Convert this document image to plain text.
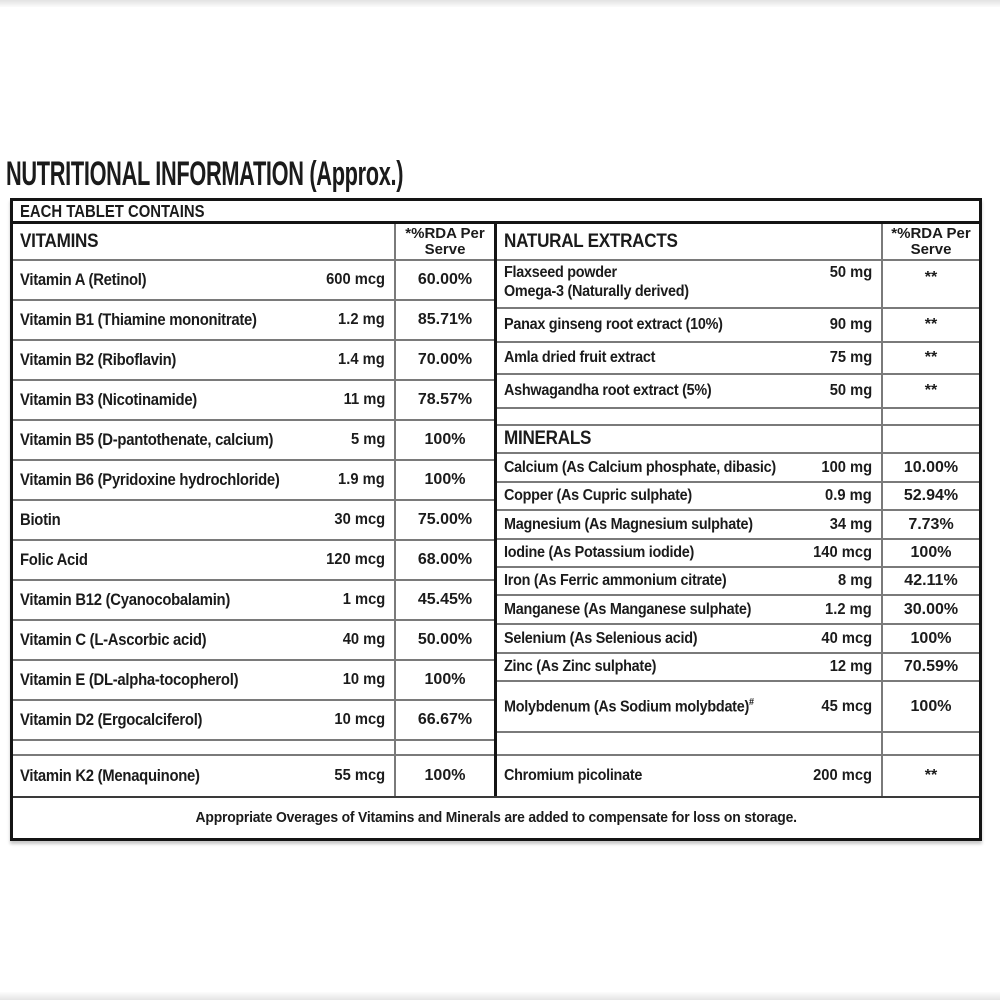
NUTRITIONAL INFORMATION (Approx.)
EACH TABLET CONTAINS
VITAMINS	*%RDA Per
Serve
Vitamin A (Retinol)	600 mcg	60.00%
Vitamin B1 (Thiamine mononitrate)	1.2 mg	85.71%
Vitamin B2 (Riboflavin)	1.4 mg	70.00%
Vitamin B3 (Nicotinamide)	11 mg	78.57%
Vitamin B5 (D-pantothenate, calcium)	5 mg	100%
Vitamin B6 (Pyridoxine hydrochloride)	1.9 mg	100%
Biotin	30 mcg	75.00%
Folic Acid	120 mcg	68.00%
Vitamin B12 (Cyanocobalamin)	1 mcg	45.45%
Vitamin C (L-Ascorbic acid)	40 mg	50.00%
Vitamin E (DL-alpha-tocopherol)	10 mg	100%
Vitamin D2 (Ergocalciferol)	10 mcg	66.67%
Vitamin K2 (Menaquinone)	55 mcg	100%
NATURAL EXTRACTS	*%RDA Per
Serve
Flaxseed powder
Omega-3 (Naturally derived)
50 mg	**
Panax ginseng root extract (10%)	90 mg	**
Amla dried fruit extract	75 mg	**
Ashwagandha root extract (5%)	50 mg	**
MINERALS
Calcium (As Calcium phosphate, dibasic)	100 mg	10.00%
Copper (As Cupric sulphate)	0.9 mg	52.94%
Magnesium (As Magnesium sulphate)	34 mg	7.73%
Iodine (As Potassium iodide)	140 mcg	100%
Iron (As Ferric ammonium citrate)	8 mg	42.11%
Manganese (As Manganese sulphate)	1.2 mg	30.00%
Selenium (As Selenious acid)	40 mcg	100%
Zinc (As Zinc sulphate)	12 mg	70.59%
Molybdenum (As Sodium molybdate)#	45 mcg	100%
Chromium picolinate	200 mcg	**
Appropriate Overages of Vitamins and Minerals are added to compensate for loss on storage.
